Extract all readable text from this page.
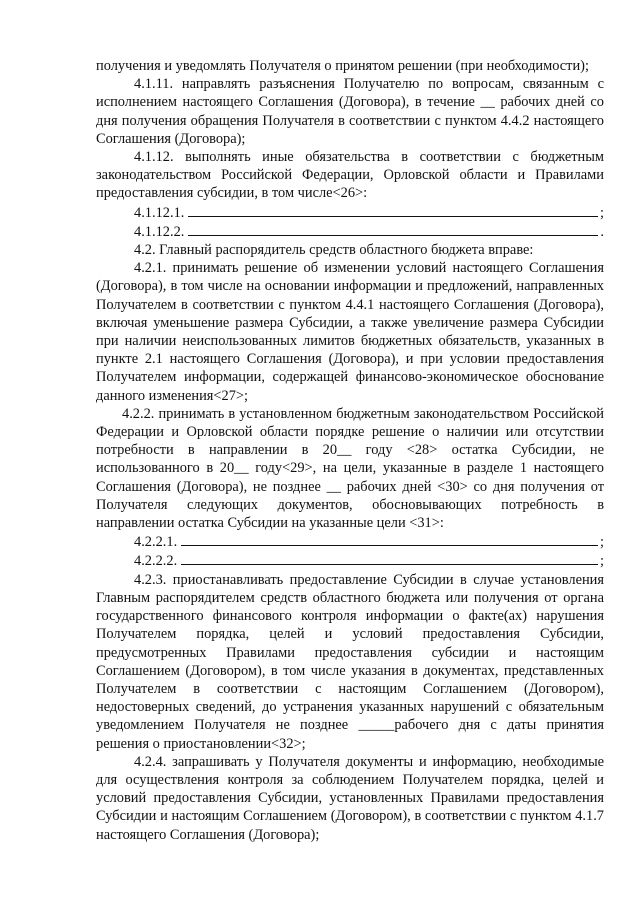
получения и уведомлять Получателя о принятом решении (при необходимости);

4.1.11. направлять разъяснения Получателю по вопросам, связанным с исполнением настоящего Соглашения (Договора), в течение __ рабочих дней со дня получения обращения Получателя в соответствии с пунктом 4.4.2 настоящего Соглашения (Договора);

4.1.12. выполнять иные обязательства в соответствии с бюджетным законодательством Российской Федерации, Орловской области и Правилами предоставления субсидии, в том числе<26>:

4.1.12.1.	;
4.1.12.2.	.

4.2. Главный распорядитель средств областного бюджета вправе:

4.2.1. принимать решение об изменении условий настоящего Соглашения (Договора), в том числе на основании информации и предложений, направленных Получателем в соответствии с пунктом 4.4.1 настоящего Соглашения (Договора), включая уменьшение размера Субсидии, а также увеличение размера Субсидии при наличии неиспользованных лимитов бюджетных обязательств, указанных в пункте 2.1 настоящего Соглашения (Договора), и при условии предоставления Получателем информации, содержащей финансово-экономическое обоснование данного изменения<27>;

4.2.2. принимать в установленном бюджетным законодательством Российской Федерации и Орловской области порядке решение о наличии или отсутствии потребности в направлении в 20__ году <28> остатка Субсидии, не использованного в 20__ году<29>, на цели, указанные в разделе 1 настоящего Соглашения (Договора), не позднее __ рабочих дней <30> со дня получения от Получателя следующих документов, обосновывающих потребность в направлении остатка Субсидии на указанные цели <31>:

4.2.2.1.	;
4.2.2.2.	;

4.2.3. приостанавливать предоставление Субсидии в случае установления Главным распорядителем средств областного бюджета или получения от органа государственного финансового контроля информации о факте(ах) нарушения Получателем порядка, целей и условий предоставления Субсидии, предусмотренных Правилами предоставления субсидии и настоящим Соглашением (Договором), в том числе указания в документах, представленных Получателем в соответствии с настоящим Соглашением (Договором), недостоверных сведений, до устранения указанных нарушений с обязательным уведомлением Получателя не позднее _____рабочего дня с даты принятия решения о приостановлении<32>;

4.2.4. запрашивать у Получателя документы и информацию, необходимые для осуществления контроля за соблюдением Получателем порядка, целей и условий предоставления Субсидии, установленных Правилами предоставления Субсидии и настоящим Соглашением (Договором), в соответствии с пунктом 4.1.7 настоящего Соглашения (Договора);
